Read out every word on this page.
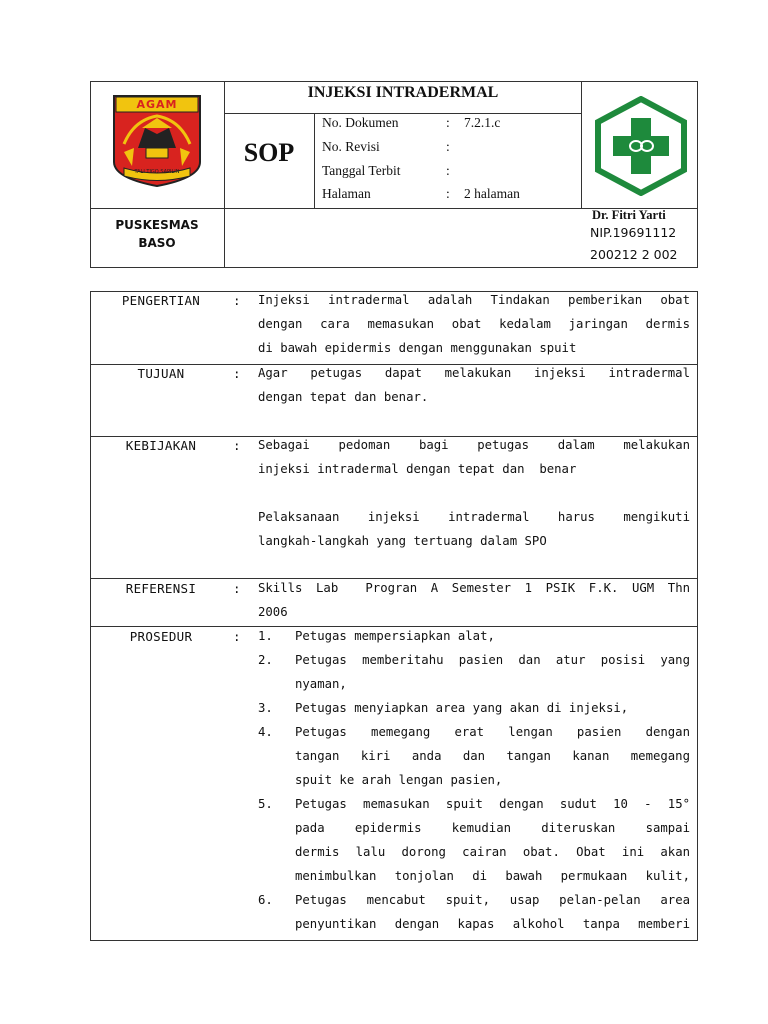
AGAM
TALI TIGO SAPILIN
INJEKSI INTRADERMAL
SOP
No. Dokumen	: 7.2.1.c
No. Revisi	:
Tanggal Terbit	:
Halaman	: 2 halaman
PUSKESMAS
BASO
Dr. Fitri Yarti
NIP.19691112
200212 2 002
PENGERTIAN	: Injeksi intradermal adalah Tindakan pemberikan obat
dengan cara memasukan obat kedalam jaringan dermis
di bawah epidermis dengan menggunakan spuit
TUJUAN	: Agar petugas dapat melakukan injeksi intradermal
dengan tepat dan benar.
KEBIJAKAN	: Sebagai pedoman bagi petugas dalam melakukan
injeksi intradermal dengan tepat dan  benar
Pelaksanaan injeksi intradermal harus mengikuti
langkah-langkah yang tertuang dalam SPO
REFERENSI	: Skills Lab  Progran A Semester 1 PSIK F.K. UGM Thn
2006
PROSEDUR	: 1. Petugas mempersiapkan alat,
2. Petugas memberitahu pasien dan atur posisi yang
nyaman,
3. Petugas menyiapkan area yang akan di injeksi,
4. Petugas memegang erat lengan pasien dengan
tangan kiri anda dan tangan kanan memegang
spuit ke arah lengan pasien,
5. Petugas memasukan spuit dengan sudut 10 - 15°
pada epidermis kemudian diteruskan sampai
dermis lalu dorong cairan obat. Obat ini akan
menimbulkan tonjolan di bawah permukaan kulit,
6. Petugas mencabut spuit, usap pelan-pelan area
penyuntikan dengan kapas alkohol tanpa memberi
